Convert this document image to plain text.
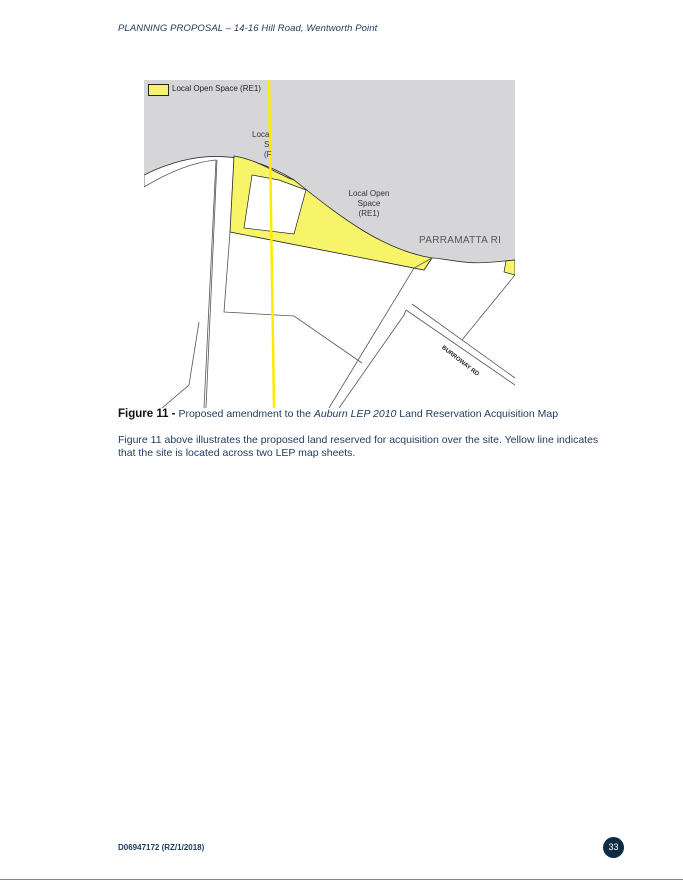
PLANNING PROPOSAL – 14-16 Hill Road, Wentworth Point
Local Open Space (RE1)
Loca
S
(F
Local Open
Space
(RE1)
PARRAMATTA RI
BURROWAY RD
Figure 11 - Proposed amendment to the Auburn LEP 2010 Land Reservation Acquisition Map
Figure 11 above illustrates the proposed land reserved for acquisition over the site. Yellow line indicates that the site is located across two LEP map sheets.
D06947172 (RZ/1/2018)	33
